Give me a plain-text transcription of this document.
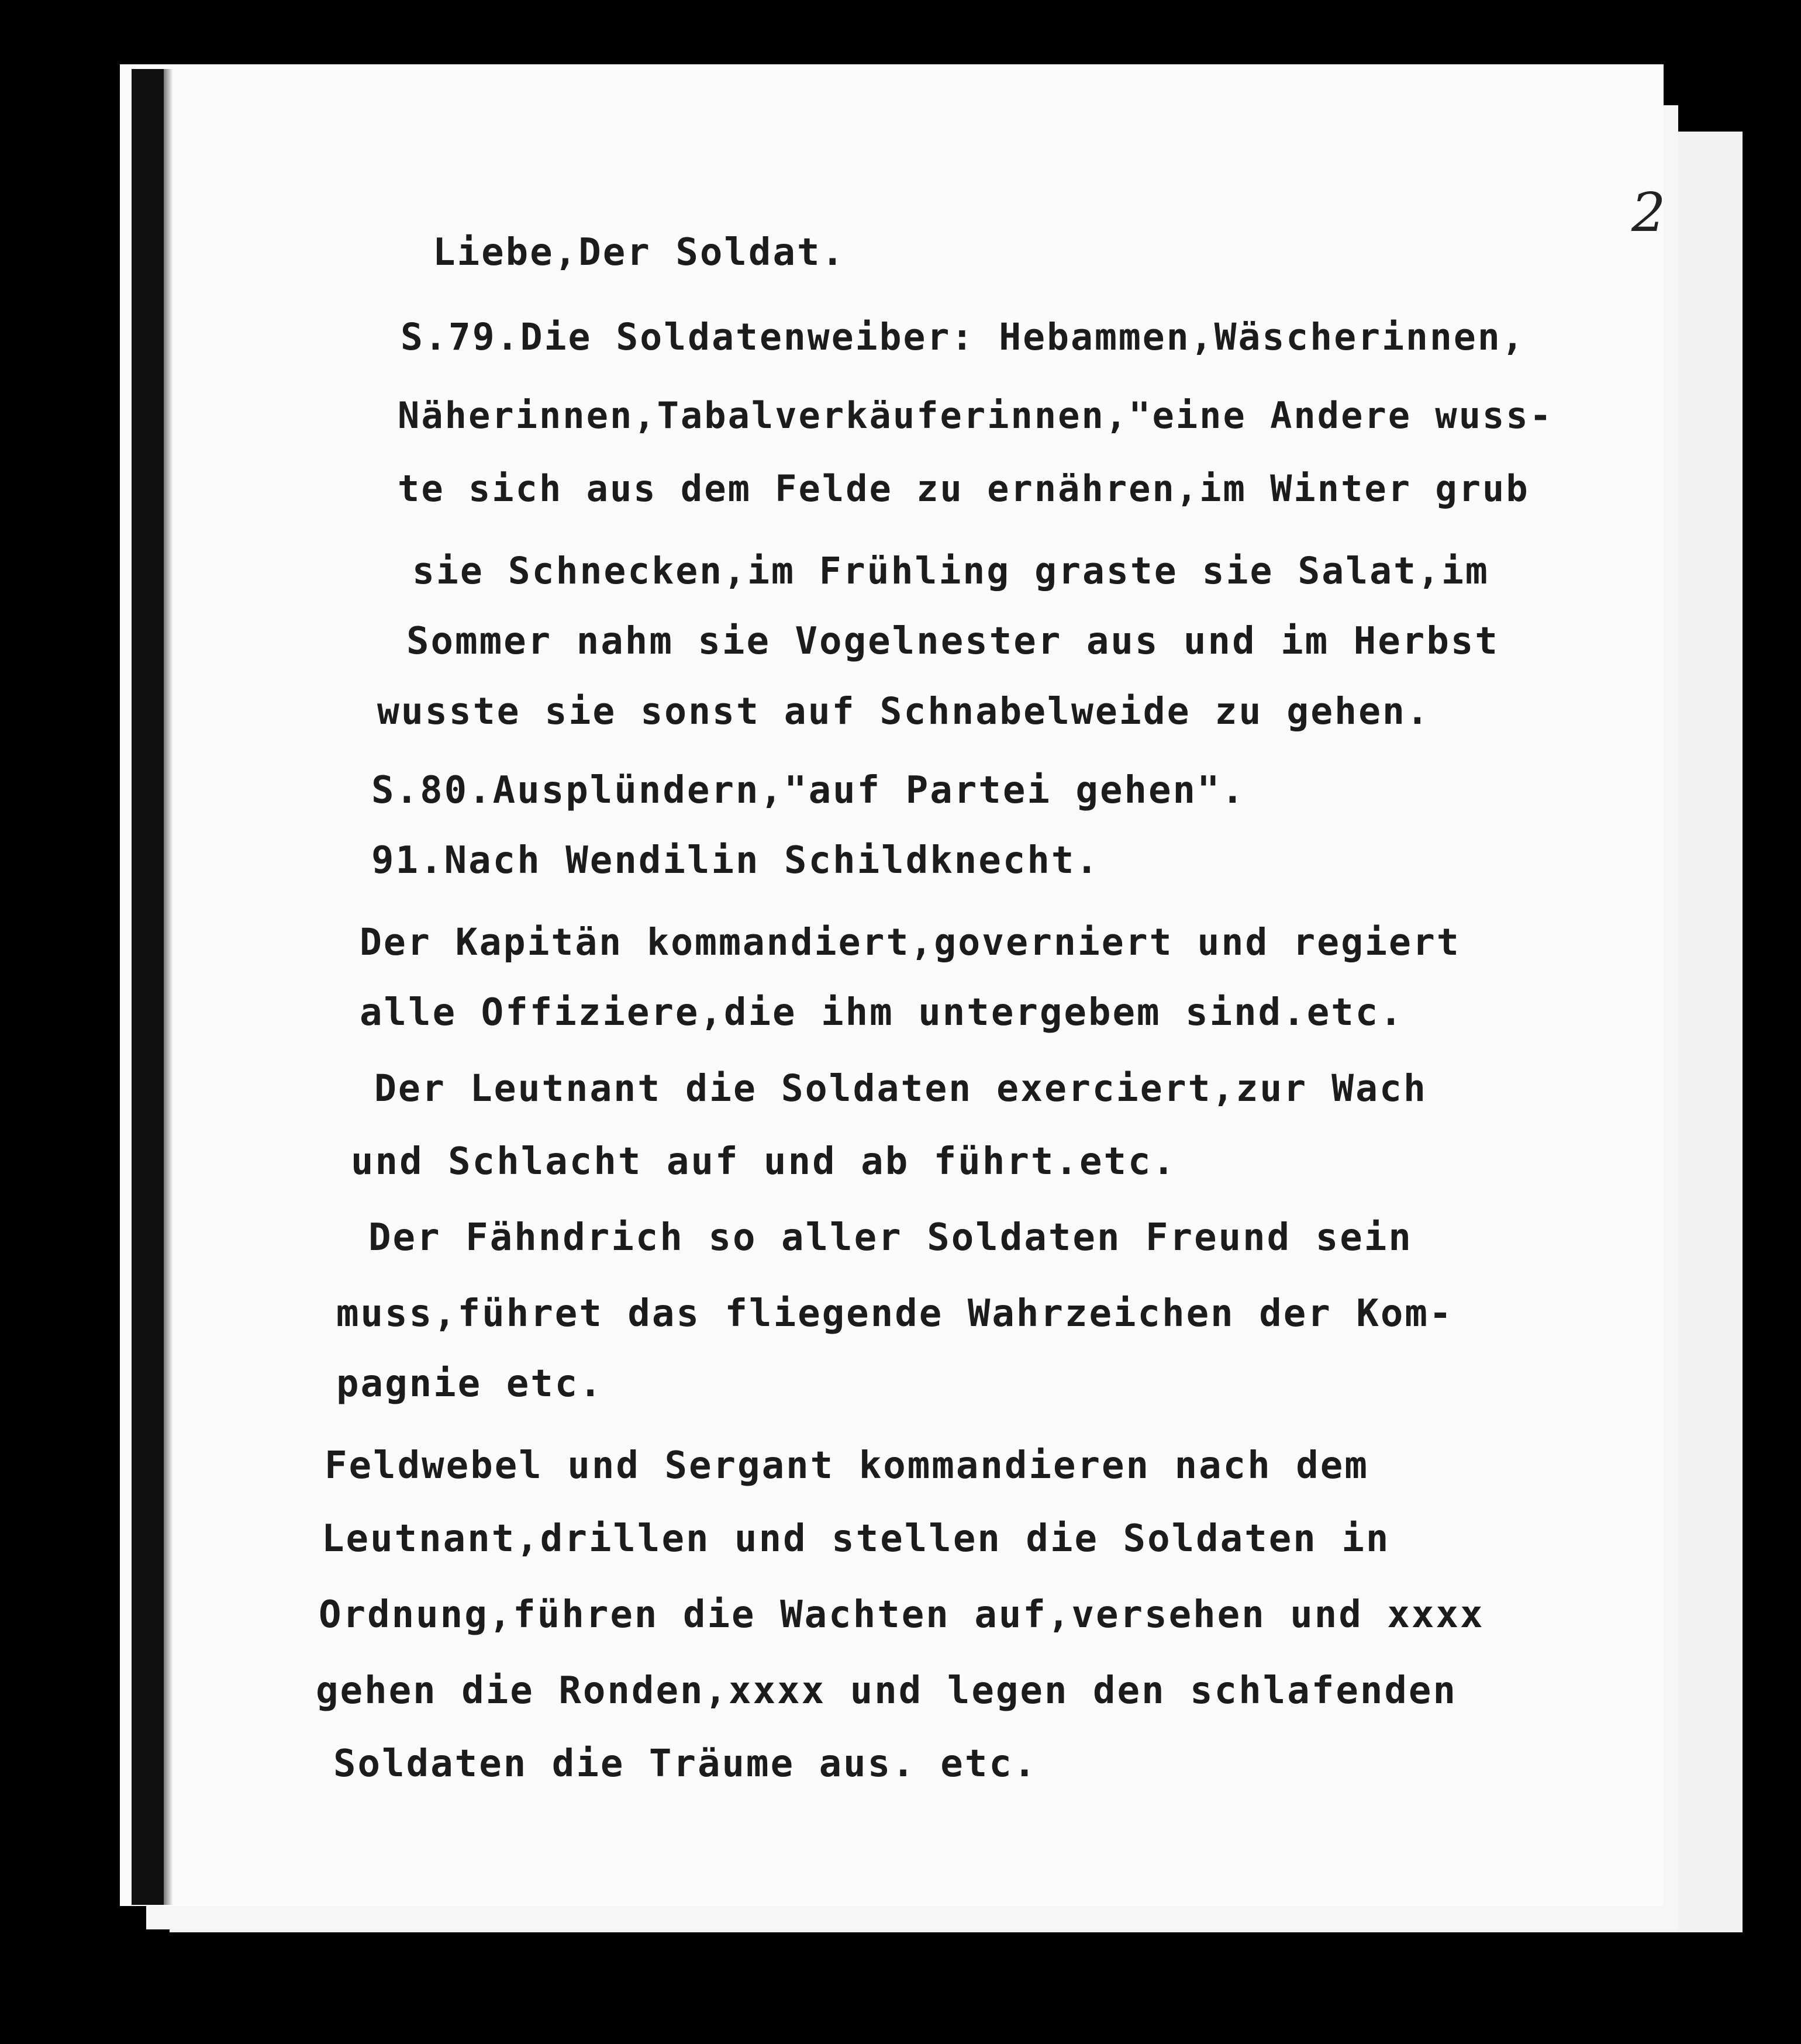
2
Liebe,Der Soldat.
S.79.Die Soldatenweiber: Hebammen,Wäscherinnen,
Näherinnen,Tabalverkäuferinnen,"eine Andere wuss-
te sich aus dem Felde zu ernähren,im Winter grub
sie Schnecken,im Frühling graste sie Salat,im
Sommer nahm sie Vogelnester aus und im Herbst
wusste sie sonst auf Schnabelweide zu gehen.
S.80.Ausplündern,"auf Partei gehen".
91.Nach Wendilin Schildknecht.
Der Kapitän kommandiert,governiert und regiert
alle Offiziere,die ihm untergebem sind.etc.
Der Leutnant die Soldaten exerciert,zur Wach
und Schlacht auf und ab führt.etc.
Der Fähndrich so aller Soldaten Freund sein
muss,führet das fliegende Wahrzeichen der Kom-
pagnie etc.
Feldwebel und Sergant kommandieren nach dem
Leutnant,drillen und stellen die Soldaten in
Ordnung,führen die Wachten auf,versehen und xxxx
gehen die Ronden,xxxx und legen den schlafenden
Soldaten die Träume aus. etc.
